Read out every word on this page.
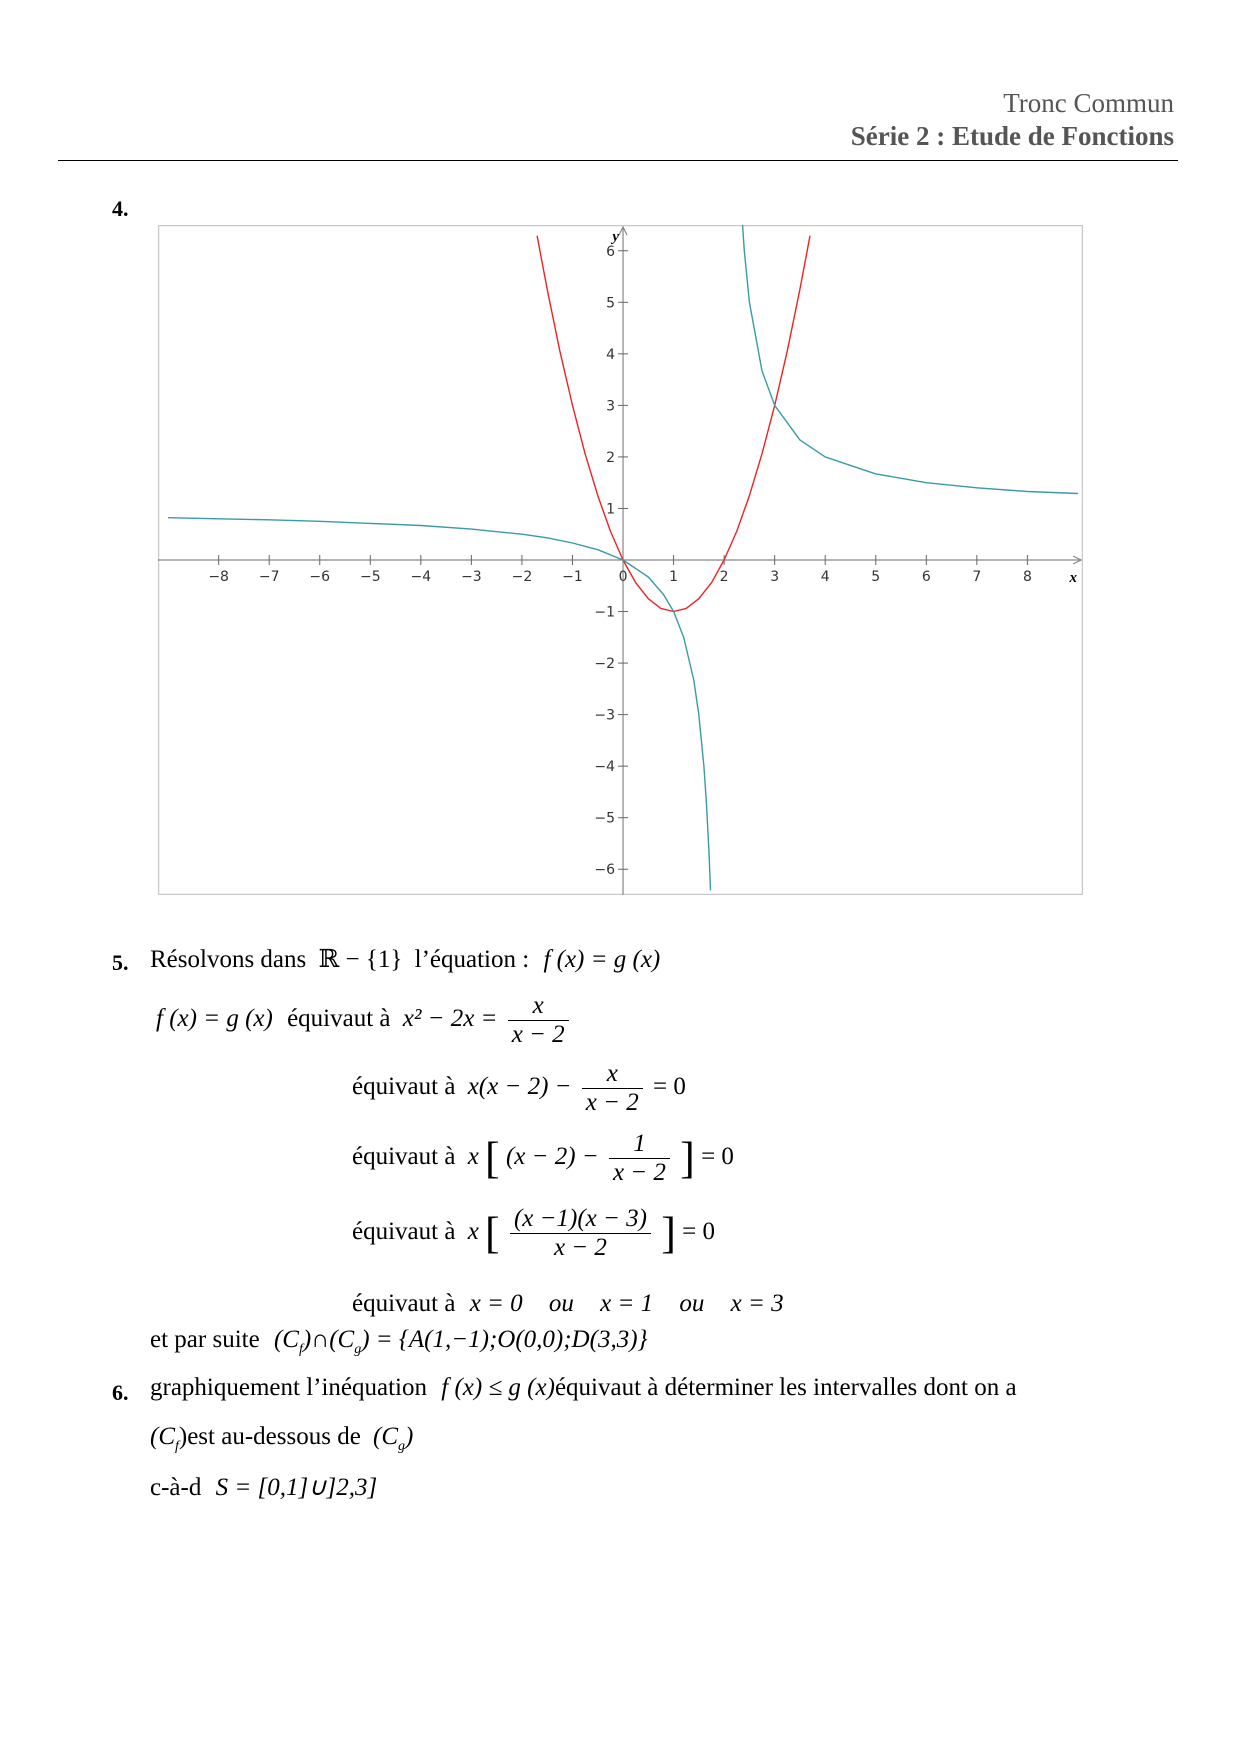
Tronc Commun
Série 2 : Etude de Fonctions
4.
x
y
−8 −7 −6 −5 −4 −3 −2 −1	0	1	2	3	4	5	6	7	8
−6
−5
−4
−3
−2
−1
1
2
3
4
5
6
5. Résolvons dans ℝ − {1} l’équation : f (x) = g (x)
f (x) = g (x) équivaut à $x^2 - 2x = \frac{x}{x - 2}$
équivaut à $x(x - 2) - \frac{x}{x - 2} = 0$
équivaut à x [ $(x - 2) - \frac{1}{x - 2}$ ] = 0
équivaut à x [ $\frac{(x -1)(x - 3)}{x - 2}$ ] = 0
équivaut à x = 0 ou x = 1 ou x = 3
et par suite $(C_f)\cap(C_g)$ = {A(1,−1);O(0,0);D(3,3)}
6. graphiquement l’inéquation f (x) ≤ g (x)équivaut à déterminer les intervalles dont on a
$(C_f)est$ au-dessous de $(C_g)$
c-à-d S = [0,1]∪]2,3]
